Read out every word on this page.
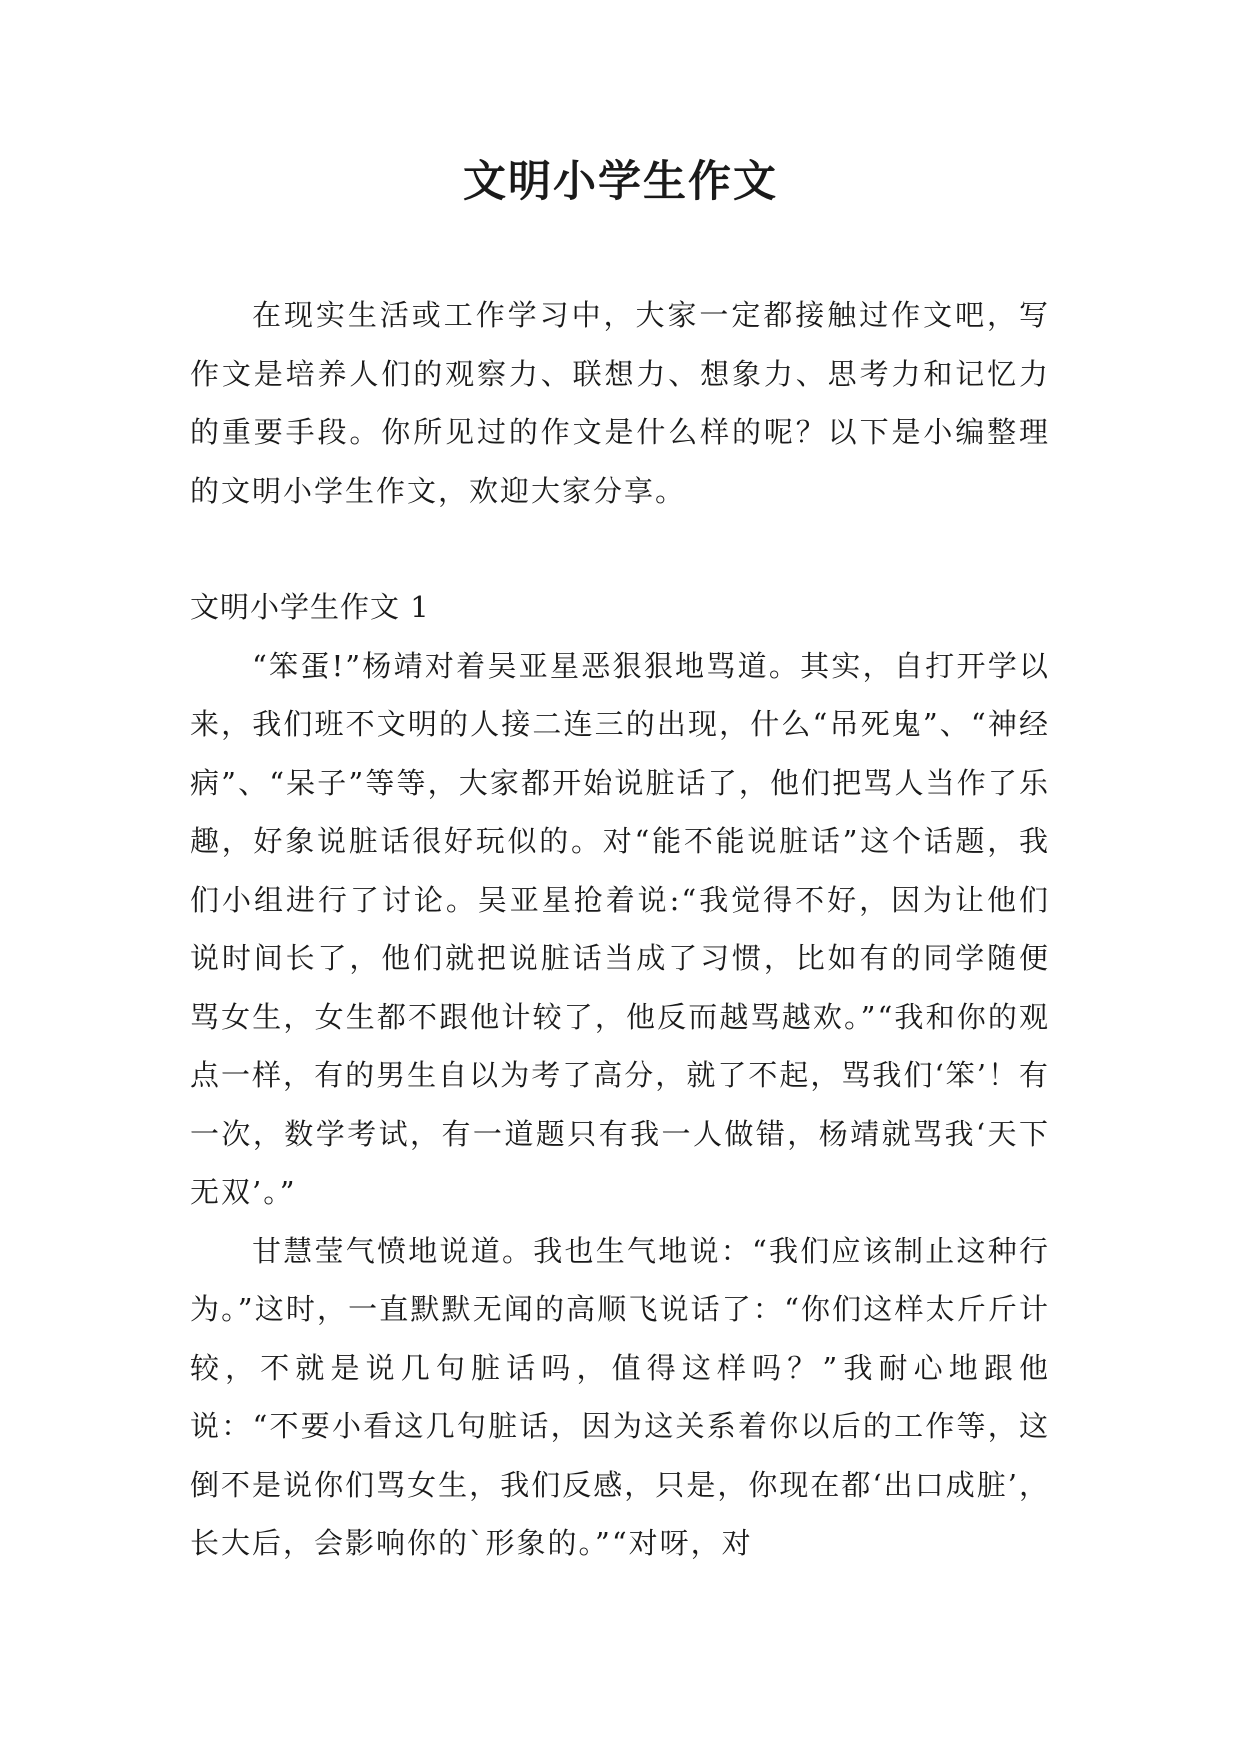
文明小学生作文

在现实生活或工作学习中，大家一定都接触过作文吧，写作文是培养人们的观察力、联想力、想象力、思考力和记忆力的重要手段。你所见过的作文是什么样的呢？以下是小编整理的文明小学生作文，欢迎大家分享。

文明小学生作文 1

“笨蛋!”杨靖对着吴亚星恶狠狠地骂道。其实，自打开学以来，我们班不文明的人接二连三的出现，什么“吊死鬼”、“神经病”、“呆子”等等，大家都开始说脏话了，他们把骂人当作了乐趣，好象说脏话很好玩似的。对“能不能说脏话”这个话题，我们小组进行了讨论。吴亚星抢着说:“我觉得不好，因为让他们说时间长了，他们就把说脏话当成了习惯，比如有的同学随便骂女生，女生都不跟他计较了，他反而越骂越欢。”“我和你的观点一样，有的男生自以为考了高分，就了不起，骂我们‘笨’！有一次，数学考试，有一道题只有我一人做错，杨靖就骂我‘天下无双’。”

甘慧莹气愤地说道。我也生气地说：“我们应该制止这种行为。”这时，一直默默无闻的高顺飞说话了：“你们这样太斤斤计较，不就是说几句脏话吗，值得这样吗？”我耐心地跟他说：“不要小看这几句脏话，因为这关系着你以后的工作等，这倒不是说你们骂女生，我们反感，只是，你现在都‘出口成脏’，长大后，会影响你的`形象的。”“对呀，对
